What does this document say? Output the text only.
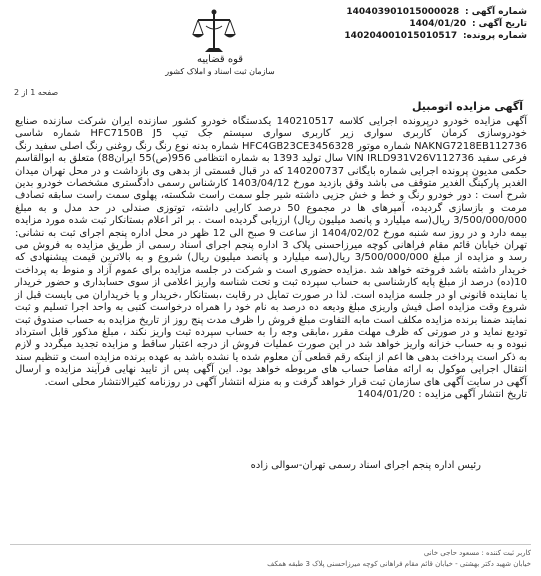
شماره آگهی : 140403901015000028
تاریخ آگهی : 1404/01/20
شماره پرونده: 140204001015010517
قوه قضاییه
سازمان ثبت اسناد و املاک کشور
صفحه 1 از 2
آگهی مزایده اتومبیل

آگهی مزایده خودرو درپرونده اجرایی کلاسه 140210517 یکدستگاه خودرو کشور سازنده ایران شرکت سازنده صنایع خودروسازی کرمان کاربری سواری زیر کاربری سواری سیستم جک تیپ HFC7150B J5 شماره شاسی NAKNG7218EB112736 شماره موتور HFC4GB23CE3456328 شماره بدنه نوع رنگ رنگ روغنی رنگ اصلی سفید رنگ فرعی سفید VIN IRLD931V26V112736 سال تولید 1393 به شماره انتظامی 956(ص)55 ایران88) متعلق به ابوالقاسم حکمی مدیون پرونده اجرایی شماره بایگانی 140200737 که در قبال قسمتی از بدهی وی بازداشت و در محل تهران میدان الغدیر پارکینگ الغدیر متوقف می باشد وقق بازدید مورخ 1403/04/12 کارشناس رسمی دادگستری مشخصات خودرو بدین شرح است : دور خودرو رنگ و خط و خش جزیی داشته شیر جلو سمت راست شکسته، پهلوی سمت راست سابقه تصادف مرمت و بازسازی گردیده، آمپرهای ها در مجموع 50 درصد کارایی داشته، توتوزی صندلی در حد مدل و به مبلغ 3/500/000/000 ریال(سه میلیارد و پانصد میلیون ریال) ارزیابی گردیده است . بر اثر اعلام بستانکار ثبت شده مورد مزایده بیمه دارد و در روز سه شنبه مورخ 1404/02/02 از ساعت 9 صبح الی 12 ظهر در محل اداره پنجم اجرای ثبت به نشانی: تهران خیابان قائم مقام فراهانی کوچه میرزاحسنی پلاک 3 اداره پنجم اجرای اسناد رسمی از طریق مزایده به فروش می رسد و مزایده از مبلغ 3/500/000/000 ریال(سه میلیارد و پانصد میلیون ریال) شروع و به بالاترین قیمت پیشنهادی که خریدار داشته باشد فروخته خواهد شد .مزایده حضوری است و شرکت در جلسه مزایده برای عموم آزاد و منوط به پرداخت 10(ده) درصد از مبلغ پایه کارشناسی به حساب سپرده ثبت و تحت شناسه واریز اعلامی از سوی حسابداری و حضور خریدار یا نماینده قانونی او در جلسه مزایده است. لذا در صورت تمایل در رقابت ،بستانکار ،خریدار و یا خریداران می بایست قبل از شروع وقت مزایده اصل فیش واریزی مبلغ ودیعه ده درصد به نام خود را همراه درخواست کتبی به واحد اجرا تسلیم و ثبت نمایند ضمنا برنده مزایده مکلف است مابه التفاوت مبلغ فروش را ظرف مدت پنج روز از تاریخ مزایده به حساب صندوق ثبت تودیع نماید و در صورتی که ظرف مهلت مقرر ،مابقی وجه را به حساب سپرده ثبت واریز نکند ، مبلغ مذکور قابل استرداد نبوده و به حساب خزانه واریز خواهد شد در این صورت عملیات فروش از درجه اعتبار ساقط و مزایده تجدید میگردد و لازم به ذکر است پرداخت بدهی ها اعم از اینکه رقم قطعی آن معلوم شده یا نشده باشد به عهده برنده مزایده است و تنظیم سند انتقال اجرایی موکول به ارائه مفاصا حساب های مربوطه خواهد بود. این آگهی پس از تایید نهایی فرآیند مزایده و ارسال آگهی در سایت آگهی های سازمان ثبت قرار خواهد گرفت و به منزله انتشار آگهی در روزنامه کثیرالانتشار محلی است.

تاریخ انتشار آگهی مزایده : 1404/01/20

رئیس اداره پنجم اجرای اسناد رسمی تهران-سوالی زاده
کاربر ثبت کننده : مسعود حاجی خانی
خیابان شهید دکتر بهشتی - خیابان قائم مقام فراهانی کوچه میرزاحسنی پلاک 3 طبقه همکف
